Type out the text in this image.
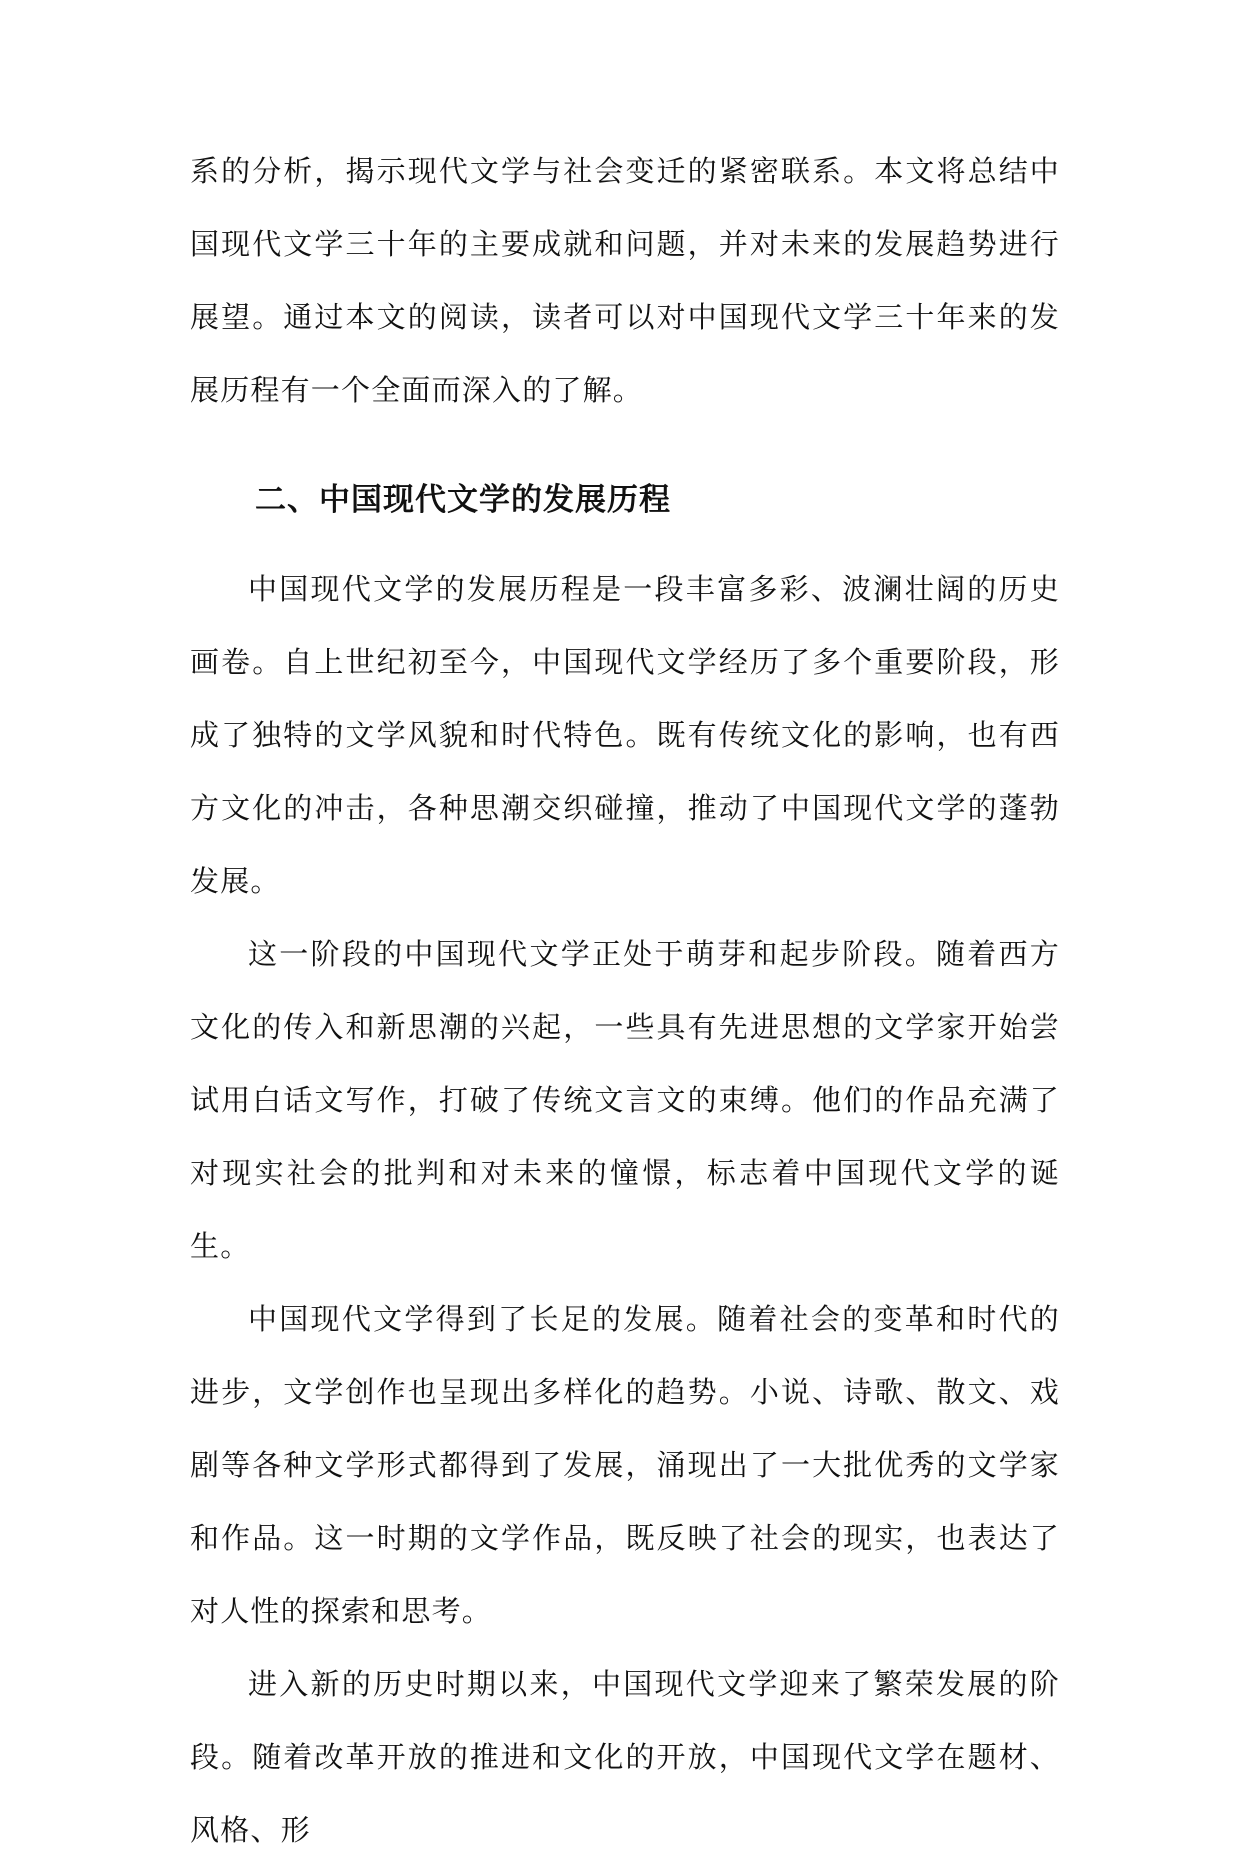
系的分析，揭示现代文学与社会变迁的紧密联系。本文将总结中国现代文学三十年的主要成就和问题，并对未来的发展趋势进行展望。通过本文的阅读，读者可以对中国现代文学三十年来的发展历程有一个全面而深入的了解。

二、中国现代文学的发展历程

中国现代文学的发展历程是一段丰富多彩、波澜壮阔的历史画卷。自上世纪初至今，中国现代文学经历了多个重要阶段，形成了独特的文学风貌和时代特色。既有传统文化的影响，也有西方文化的冲击，各种思潮交织碰撞，推动了中国现代文学的蓬勃发展。

这一阶段的中国现代文学正处于萌芽和起步阶段。随着西方文化的传入和新思潮的兴起，一些具有先进思想的文学家开始尝试用白话文写作，打破了传统文言文的束缚。他们的作品充满了对现实社会的批判和对未来的憧憬，标志着中国现代文学的诞生。

中国现代文学得到了长足的发展。随着社会的变革和时代的进步，文学创作也呈现出多样化的趋势。小说、诗歌、散文、戏剧等各种文学形式都得到了发展，涌现出了一大批优秀的文学家和作品。这一时期的文学作品，既反映了社会的现实，也表达了对人性的探索和思考。

进入新的历史时期以来，中国现代文学迎来了繁荣发展的阶段。随着改革开放的推进和文化的开放，中国现代文学在题材、风格、形
